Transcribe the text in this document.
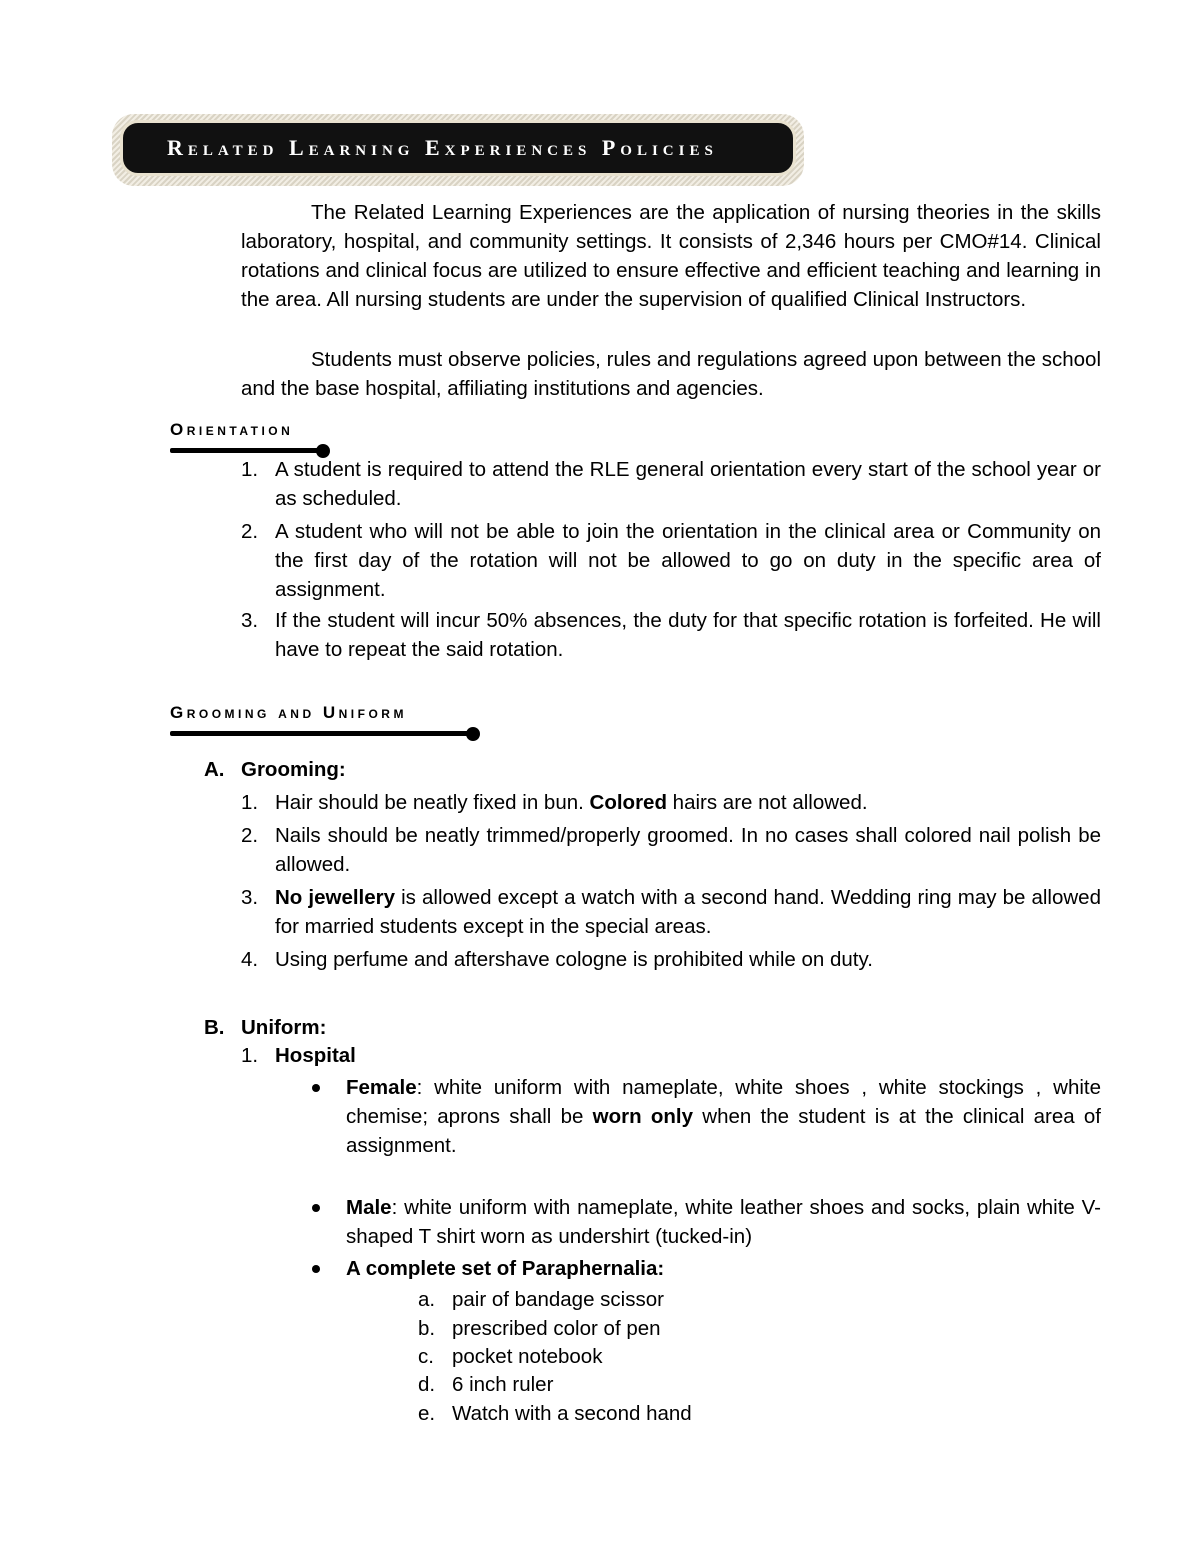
Related Learning Experiences Policies

The Related Learning Experiences are the application of nursing theories in the skills laboratory, hospital, and community settings. It consists of 2,346 hours per CMO#14. Clinical rotations and clinical focus are utilized to ensure effective and efficient teaching and learning in the area. All nursing students are under the supervision of qualified Clinical Instructors.

Students must observe policies, rules and regulations agreed upon between the school and the base hospital, affiliating institutions and agencies.

Orientation
1. A student is required to attend the RLE general orientation every start of the school year or as scheduled.
2. A student who will not be able to join the orientation in the clinical area or Community on the first day of the rotation will not be allowed to go on duty in the specific area of assignment.
3. If the student will incur 50% absences, the duty for that specific rotation is forfeited. He will have to repeat the said rotation.
Grooming and Uniform
A. Grooming:
1. Hair should be neatly fixed in bun. Colored hairs are not allowed.
2. Nails should be neatly trimmed/properly groomed. In no cases shall colored nail polish be allowed.
3. No jewellery is allowed except a watch with a second hand. Wedding ring may be allowed for married students except in the special areas.
4. Using perfume and aftershave cologne is prohibited while on duty.
B. Uniform:
1. Hospital
Female: white uniform with nameplate, white shoes , white stockings , white chemise; aprons shall be worn only when the student is at the clinical area of assignment.
Male: white uniform with nameplate, white leather shoes and socks, plain white V-shaped T shirt worn as undershirt (tucked-in)
A complete set of Paraphernalia:
a. pair of bandage scissor
b. prescribed color of pen
c. pocket notebook
d. 6 inch ruler
e. Watch with a second hand
